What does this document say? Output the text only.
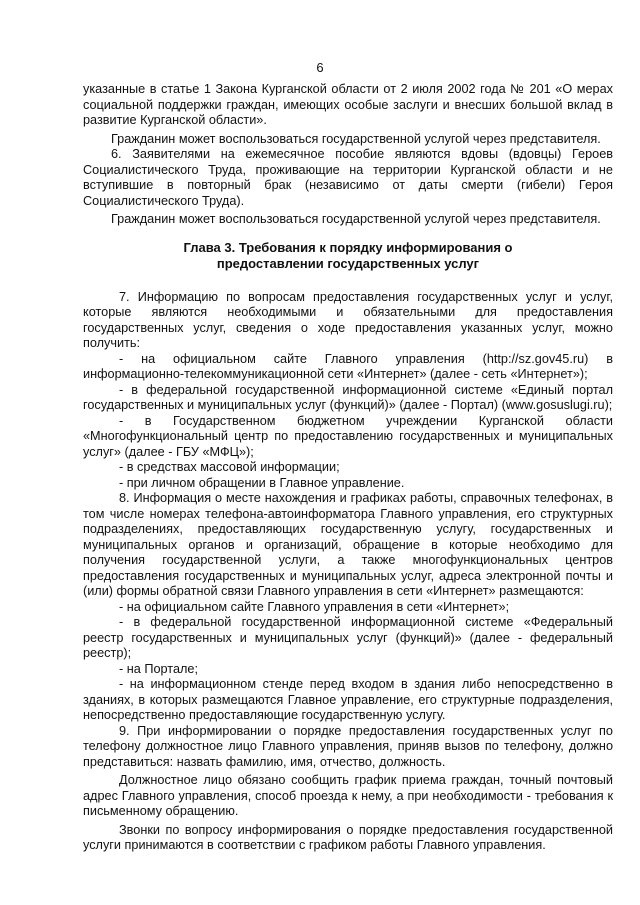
6

указанные в статье 1 Закона Курганской области от 2 июля 2002 года № 201 «О мерах социальной поддержки граждан, имеющих особые заслуги и внесших большой вклад в развитие Курганской области».

Гражданин может воспользоваться государственной услугой через представителя.

6. Заявителями на ежемесячное пособие являются вдовы (вдовцы) Героев Социалистического Труда, проживающие на территории Курганской области и не вступившие в повторный брак (независимо от даты смерти (гибели) Героя Социалистического Труда).

Гражданин может воспользоваться государственной услугой через представителя.

Глава 3. Требования к порядку информирования о
предоставлении государственных услуг

7. Информацию по вопросам предоставления государственных услуг и услуг, которые являются необходимыми и обязательными для предоставления государственных услуг, сведения о ходе предоставления указанных услуг, можно получить:

- на официальном сайте Главного управления (http://sz.gov45.ru) в информационно-телекоммуникационной сети «Интернет» (далее - сеть «Интернет»);

- в федеральной государственной информационной системе «Единый портал государственных и муниципальных услуг (функций)» (далее - Портал) (www.gosuslugi.ru);

- в Государственном бюджетном учреждении Курганской области «Многофункциональный центр по предоставлению государственных и муниципальных услуг» (далее - ГБУ «МФЦ»);

- в средствах массовой информации;

- при личном обращении в Главное управление.

8. Информация о месте нахождения и графиках работы, справочных телефонах, в том числе номерах телефона-автоинформатора Главного управления, его структурных подразделениях, предоставляющих государственную услугу, государственных и муниципальных органов и организаций, обращение в которые необходимо для получения государственной услуги, а также многофункциональных центров предоставления государственных и муниципальных услуг, адреса электронной почты и (или) формы обратной связи Главного управления в сети «Интернет» размещаются:

- на официальном сайте Главного управления в сети «Интернет»;

- в федеральной государственной информационной системе «Федеральный реестр государственных и муниципальных услуг (функций)» (далее - федеральный реестр);

- на Портале;

- на информационном стенде перед входом в здания либо непосредственно в зданиях, в которых размещаются Главное управление, его структурные подразделения, непосредственно предоставляющие государственную услугу.

9. При информировании о порядке предоставления государственных услуг по телефону должностное лицо Главного управления, приняв вызов по телефону, должно представиться: назвать фамилию, имя, отчество, должность.

Должностное лицо обязано сообщить график приема граждан, точный почтовый адрес Главного управления, способ проезда к нему, а при необходимости - требования к письменному обращению.

Звонки по вопросу информирования о порядке предоставления государственной услуги принимаются в соответствии с графиком работы Главного управления.
